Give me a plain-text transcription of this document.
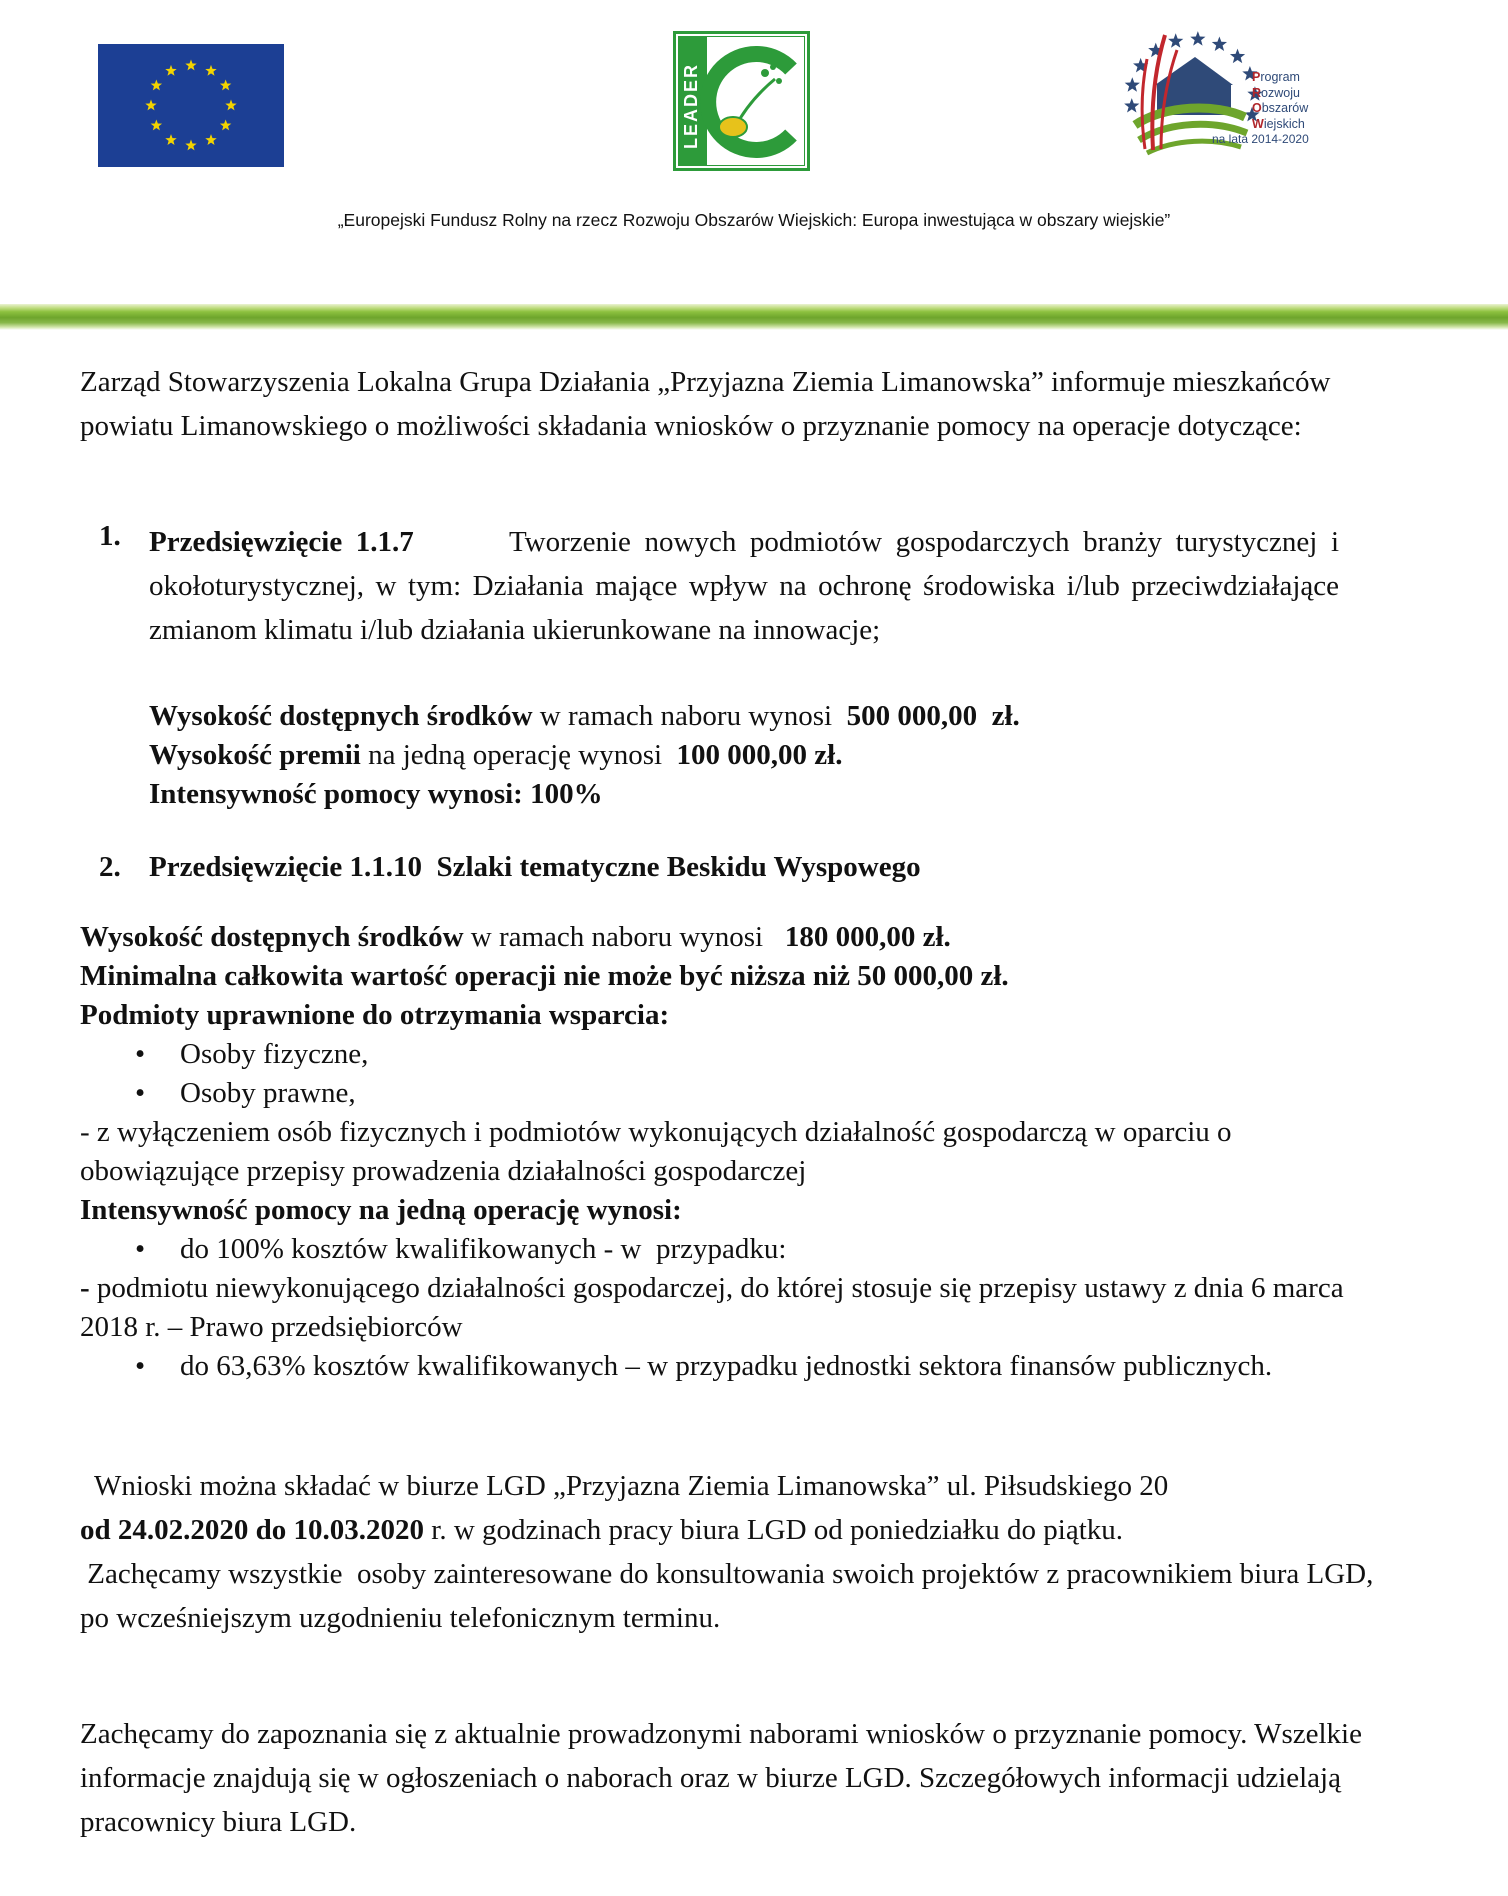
LEADER	Program
Rozwoju
Obszarów
Wiejskich
na lata 2014-2020
„Europejski Fundusz Rolny na rzecz Rozwoju Obszarów Wiejskich: Europa inwestująca w obszary wiejskie”
Zarząd Stowarzyszenia Lokalna Grupa Działania „Przyjazna Ziemia Limanowska” informuje mieszkańców powiatu Limanowskiego o możliwości składania wniosków o przyznanie pomocy na operacje dotyczące:
1. Przedsięwzięcie 1.1.7	Tworzenie nowych podmiotów gospodarczych branży turystycznej i okołoturystycznej, w tym: Działania mające wpływ na ochronę środowiska i/lub przeciwdziałające zmianom klimatu i/lub działania ukierunkowane na innowacje;
Wysokość dostępnych środków w ramach naboru wynosi  500 000,00  zł.
Wysokość premii na jedną operację wynosi  100 000,00 zł.
Intensywność pomocy wynosi: 100%
2. Przedsięwzięcie 1.1.10  Szlaki tematyczne Beskidu Wyspowego
Wysokość dostępnych środków w ramach naboru wynosi   180 000,00 zł.
Minimalna całkowita wartość operacji nie może być niższa niż 50 000,00 zł.
Podmioty uprawnione do otrzymania wsparcia:
• Osoby fizyczne,
• Osoby prawne,
- z wyłączeniem osób fizycznych i podmiotów wykonujących działalność gospodarczą w oparciu o obowiązujące przepisy prowadzenia działalności gospodarczej
Intensywność pomocy na jedną operację wynosi:
• do 100% kosztów kwalifikowanych - w  przypadku:
- podmiotu niewykonującego działalności gospodarczej, do której stosuje się przepisy ustawy z dnia 6 marca 2018 r. – Prawo przedsiębiorców
• do 63,63% kosztów kwalifikowanych – w przypadku jednostki sektora finansów publicznych.
Wnioski można składać w biurze LGD „Przyjazna Ziemia Limanowska” ul. Piłsudskiego 20
od 24.02.2020 do 10.03.2020 r. w godzinach pracy biura LGD od poniedziałku do piątku.
Zachęcamy wszystkie  osoby zainteresowane do konsultowania swoich projektów z pracownikiem biura LGD, po wcześniejszym uzgodnieniu telefonicznym terminu.
Zachęcamy do zapoznania się z aktualnie prowadzonymi naborami wniosków o przyznanie pomocy. Wszelkie informacje znajdują się w ogłoszeniach o naborach oraz w biurze LGD. Szczegółowych informacji udzielają pracownicy biura LGD.
